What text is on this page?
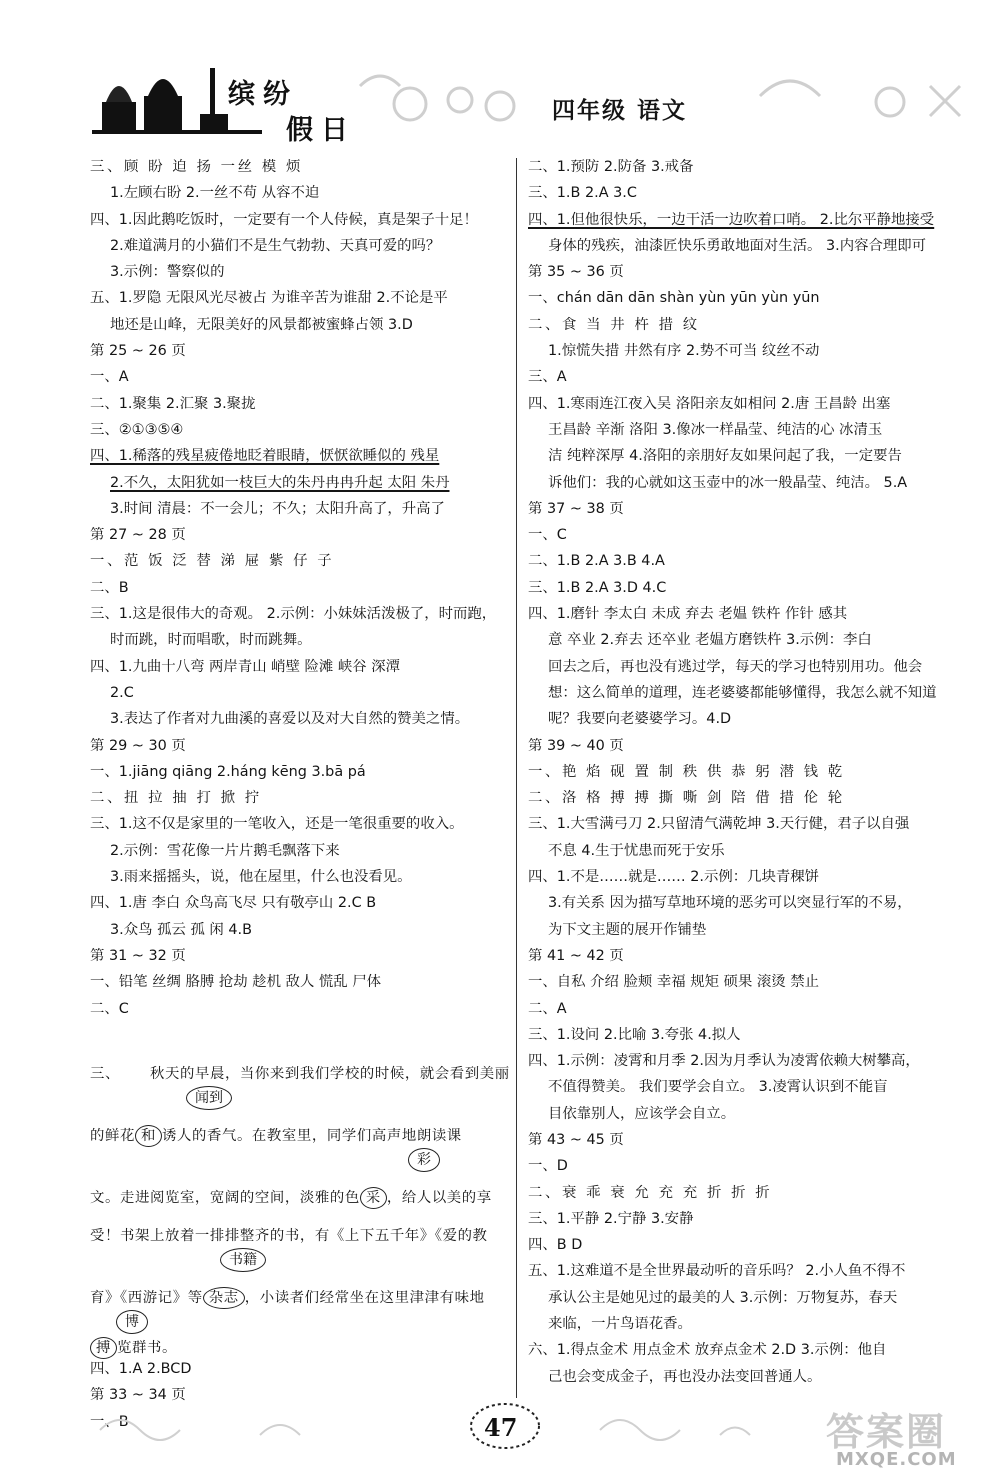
缤纷
假日
四年级 语文
三、顾 盼 迫 扬 一丝 模 烦
1.左顾右盼 2.一丝不苟 从容不迫
四、1.因此鹅吃饭时，一定要有一个人侍候，真是架子十足！
2.难道满月的小猫们不是生气勃勃、天真可爱的吗？
3.示例：警察似的
五、1.罗隐 无限风光尽被占 为谁辛苦为谁甜 2.不论是平
地还是山峰，无限美好的风景都被蜜蜂占领 3.D
第 25 ~ 26 页
一、A
二、1.聚集 2.汇聚 3.聚拢
三、②①③⑤④
四、1.稀落的残星疲倦地眨着眼睛，恹恹欲睡似的 残星
2.不久，太阳犹如一枝巨大的朱丹冉冉升起 太阳 朱丹
3.时间 清晨：不一会儿；不久；太阳升高了，升高了
第 27 ~ 28 页
一、范 饭 泛 替 涕 屉 紫 仔 子
二、B
三、1.这是很伟大的奇观。 2.示例：小妹妹活泼极了，时而跑，
时而跳，时而唱歌，时而跳舞。
四、1.九曲十八弯 两岸青山 峭壁 险滩 峡谷 深潭
2.C
3.表达了作者对九曲溪的喜爱以及对大自然的赞美之情。
第 29 ~ 30 页
一、1.jiāng qiāng 2.háng kēng 3.bā pá
二、扭 拉 抽 打 掀 拧
三、1.这不仅是家里的一笔收入，还是一笔很重要的收入。
2.示例：雪花像一片片鹅毛飘落下来
3.雨来摇摇头，说，他在屋里，什么也没看见。
四、1.唐 李白 众鸟高飞尽 只有敬亭山 2.C B
3.众鸟 孤云 孤 闲 4.B
第 31 ~ 32 页
一、铅笔 丝绸 胳膊 抢劫 趁机 敌人 慌乱 尸体
二、C
三、 秋天的早晨，当你来到我们学校的时候，就会看到美丽
闻到
的鲜花 和 诱人的香气。在教室里，同学们高声地朗读课
彩
文。走进阅览室，宽阔的空间，淡雅的色 采 ，给人以美的享
受！书架上放着一排排整齐的书，有《上下五千年》《爱的教
书籍
育》《西游记》等 杂志 ，小读者们经常坐在这里津津有味地
博
搏 览群书。
四、1.A 2.BCD
第 33 ~ 34 页
一、B
二、1.预防 2.防备 3.戒备
三、1.B 2.A 3.C
四、1.但他很快乐，一边干活一边吹着口哨。 2.比尔平静地接受
身体的残疾，油漆匠快乐勇敢地面对生活。 3.内容合理即可
第 35 ~ 36 页
一、chán dān dān shàn yùn yūn yùn yūn
二、食 当 井 杵 措 纹
1.惊慌失措 井然有序 2.势不可当 纹丝不动
三、A
四、1.寒雨连江夜入吴 洛阳亲友如相问 2.唐 王昌龄 出塞
王昌龄 辛渐 洛阳 3.像冰一样晶莹、纯洁的心 冰清玉
洁 纯粹深厚 4.洛阳的亲朋好友如果问起了我，一定要告
诉他们：我的心就如这玉壶中的冰一般晶莹、纯洁。 5.A
第 37 ~ 38 页
一、C
二、1.B 2.A 3.B 4.A
三、1.B 2.A 3.D 4.C
四、1.磨针 李太白 未成 弃去 老媪 铁杵 作针 感其
意 卒业 2.弃去 还卒业 老媪方磨铁杵 3.示例：李白
回去之后，再也没有逃过学，每天的学习也特别用功。他会
想：这么简单的道理，连老婆婆都能够懂得，我怎么就不知道
呢？我要向老婆婆学习。4.D
第 39 ~ 40 页
一、艳 焰 砚 置 制 秩 供 恭 躬 潜 钱 乾
二、洛 格 搏 搏 撕 嘶 剑 陪 借 措 伦 轮
三、1.大雪满弓刀 2.只留清气满乾坤 3.天行健，君子以自强
不息 4.生于忧患而死于安乐
四、1.不是……就是…… 2.示例：几块青稞饼
3.有关系 因为描写草地环境的恶劣可以突显行军的不易，
为下文主题的展开作铺垫
第 41 ~ 42 页
一、自私 介绍 脸颊 幸福 规矩 硕果 滚烫 禁止
二、A
三、1.设问 2.比喻 3.夸张 4.拟人
四、1.示例：凌霄和月季 2.因为月季认为凌霄依赖大树攀高，
不值得赞美。 我们要学会自立。 3.凌霄认识到不能盲
目依靠别人，应该学会自立。
第 43 ~ 45 页
一、D
二、衰 乖 衰 允 充 充 折 折 折
三、1.平静 2.宁静 3.安静
四、B D
五、1.这难道不是全世界最动听的音乐吗？ 2.小人鱼不得不
承认公主是她见过的最美的人 3.示例：万物复苏，春天
来临，一片鸟语花香。
六、1.得点金术 用点金术 放弃点金术 2.D 3.示例：他自
己也会变成金子，再也没办法变回普通人。
47	答案圈
MXQE.COM
